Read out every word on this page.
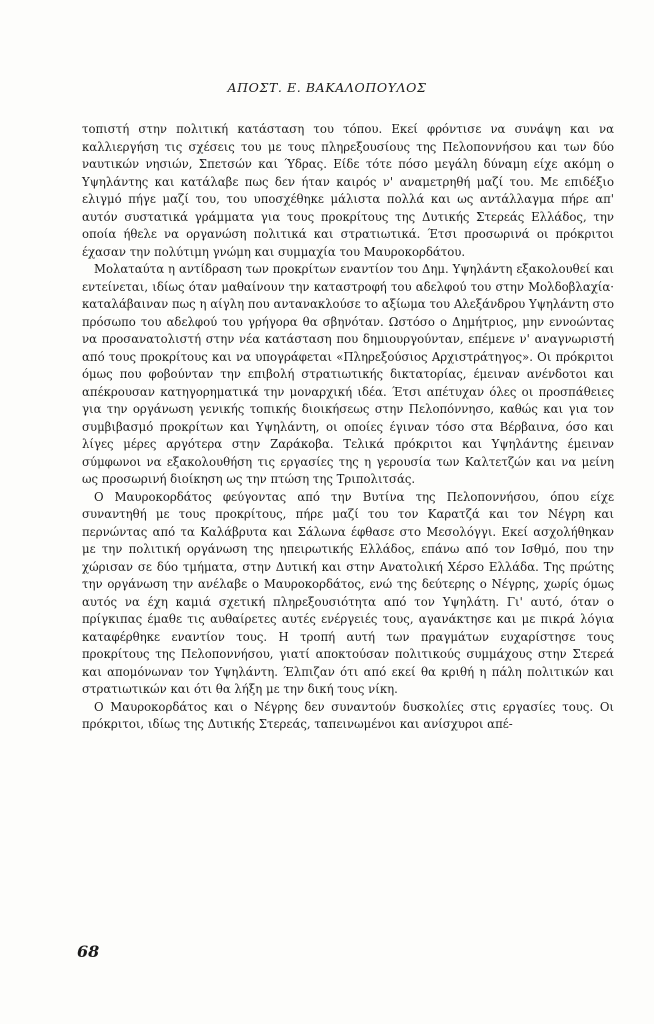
ΑΠΟΣΤ. Ε. ΒΑΚΑΛΟΠΟΥΛΟΣ

τοπιστή στην πολιτική κατάσταση του τόπου. Εκεί φρόντισε να συνάψη και να καλλιεργήση τις σχέσεις του με τους πληρεξουσίους της Πελοποννήσου και των δύο ναυτικών νησιών, Σπετσών και Ύδρας. Είδε τότε πόσο μεγάλη δύναμη είχε ακόμη ο Υψηλάντης και κατάλαβε πως δεν ήταν καιρός ν' αναμετρηθή μαζί του. Με επιδέξιο ελιγμό πήγε μαζί του, του υποσχέθηκε μάλιστα πολλά και ως αντάλλαγμα πήρε απ' αυτόν συστατικά γράμματα για τους προκρίτους της Δυτικής Στερεάς Ελλάδος, την οποία ήθελε να οργανώση πολιτικά και στρατιωτικά. Έτσι προσωρινά οι πρόκριτοι έχασαν την πολύτιμη γνώμη και συμμαχία του Μαυροκορδάτου.

Μολαταύτα η αντίδραση των προκρίτων εναντίον του Δημ. Υψηλάντη εξακολουθεί και εντείνεται, ιδίως όταν μαθαίνουν την καταστροφή του αδελφού του στην Μολδοβλαχία· καταλάβαιναν πως η αίγλη που αντανακλούσε το αξίωμα του Αλεξάνδρου Υψηλάντη στο πρόσωπο του αδελφού του γρήγορα θα σβηνόταν. Ωστόσο ο Δημήτριος, μην εννοώντας να προσανατολιστή στην νέα κατάσταση που δημιουργούνταν, επέμενε ν' αναγνωριστή από τους προκρίτους και να υπογράφεται «Πληρεξούσιος Αρχιστράτηγος». Οι πρόκριτοι όμως που φοβούνταν την επιβολή στρατιωτικής δικτατορίας, έμειναν ανένδοτοι και απέκρουσαν κατηγορηματικά την μοναρχική ιδέα. Έτσι απέτυχαν όλες οι προσπάθειες για την οργάνωση γενικής τοπικής διοικήσεως στην Πελοπόννησο, καθώς και για τον συμβιβασμό προκρίτων και Υψηλάντη, οι οποίες έγιναν τόσο στα Βέρβαινα, όσο και λίγες μέρες αργότερα στην Ζαράκοβα. Τελικά πρόκριτοι και Υψηλάντης έμειναν σύμφωνοι να εξακολουθήση τις εργασίες της η γερουσία των Καλτετζών και να μείνη ως προσωρινή διοίκηση ως την πτώση της Τριπολιτσάς.

Ο Μαυροκορδάτος φεύγοντας από την Βυτίνα της Πελοποννήσου, όπου είχε συναντηθή με τους προκρίτους, πήρε μαζί του τον Καρατζά και τον Νέγρη και περνώντας από τα Καλάβρυτα και Σάλωνα έφθασε στο Μεσολόγγι. Εκεί ασχολήθηκαν με την πολιτική οργάνωση της ηπειρωτικής Ελλάδος, επάνω από τον Ισθμό, που την χώρισαν σε δύο τμήματα, στην Δυτική και στην Ανατολική Χέρσο Ελλάδα. Της πρώτης την οργάνωση την ανέλαβε ο Μαυροκορδάτος, ενώ της δεύτερης ο Νέγρης, χωρίς όμως αυτός να έχη καμιά σχετική πληρεξουσιότητα από τον Υψηλάτη. Γι' αυτό, όταν ο πρίγκιπας έμαθε τις αυθαίρετες αυτές ενέργειές τους, αγανάκτησε και με πικρά λόγια καταφέρθηκε εναντίον τους. Η τροπή αυτή των πραγμάτων ευχαρίστησε τους προκρίτους της Πελοποννήσου, γιατί αποκτούσαν πολιτικούς συμμάχους στην Στερεά και απομόνωναν τον Υψηλάντη. Έλπιζαν ότι από εκεί θα κριθή η πάλη πολιτικών και στρατιωτικών και ότι θα λήξη με την δική τους νίκη.

Ο Μαυροκορδάτος και ο Νέγρης δεν συναντούν δυσκολίες στις εργασίες τους. Οι πρόκριτοι, ιδίως της Δυτικής Στερεάς, ταπεινωμένοι και ανίσχυροι απέ-

68
